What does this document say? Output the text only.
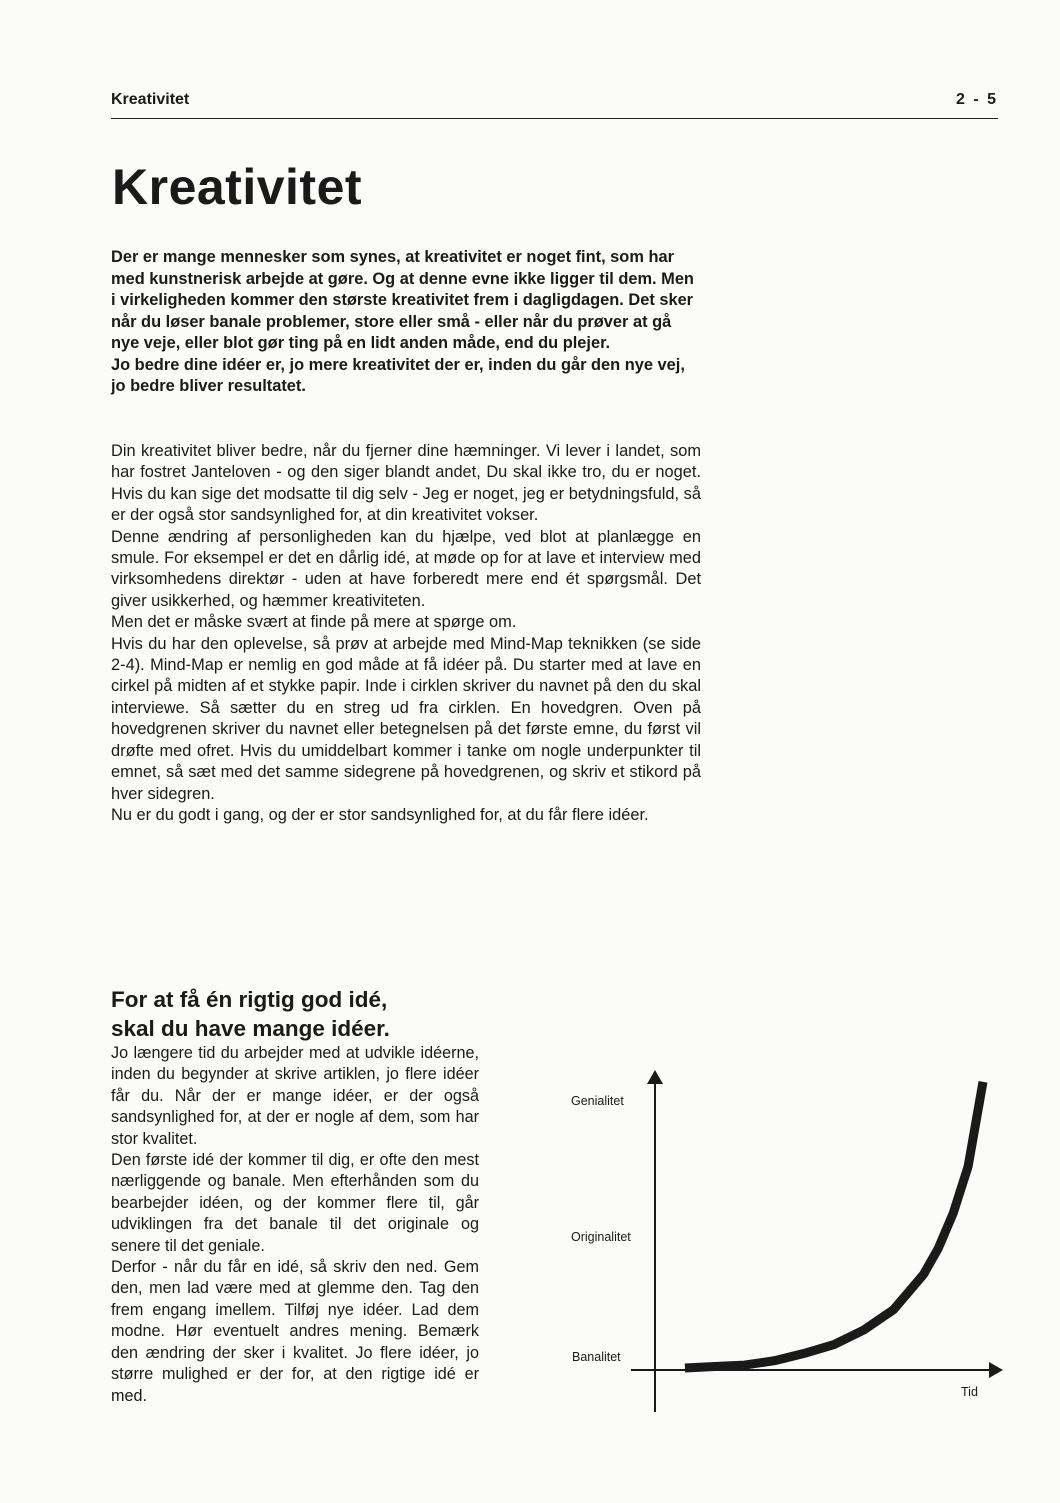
Kreativitet	2 - 5
Kreativitet

Der er mange mennesker som synes, at kreativitet er noget fint, som har med kunstnerisk arbejde at gøre. Og at denne evne ikke ligger til dem. Men i virkeligheden kommer den største kreativitet frem i dagligdagen. Det sker når du løser banale problemer, store eller små - eller når du prøver at gå nye veje, eller blot gør ting på en lidt anden måde, end du plejer.

Jo bedre dine idéer er, jo mere kreativitet der er, inden du går den nye vej, jo bedre bliver resultatet.

Din kreativitet bliver bedre, når du fjerner dine hæmninger. Vi lever i landet, som har fostret Janteloven - og den siger blandt andet, Du skal ikke tro, du er noget. Hvis du kan sige det modsatte til dig selv - Jeg er noget, jeg er betydningsfuld, så er der også stor sandsynlighed for, at din kreativitet vokser.

Denne ændring af personligheden kan du hjælpe, ved blot at planlægge en smule. For eksempel er det en dårlig idé, at møde op for at lave et interview med virksomhedens direktør - uden at have forberedt mere end ét spørgsmål. Det giver usikkerhed, og hæmmer kreativiteten.

Men det er måske svært at finde på mere at spørge om.

Hvis du har den oplevelse, så prøv at arbejde med Mind-Map teknikken (se side 2-4). Mind-Map er nemlig en god måde at få idéer på. Du starter med at lave en cirkel på midten af et stykke papir. Inde i cirklen skriver du navnet på den du skal interviewe. Så sætter du en streg ud fra cirklen. En hovedgren. Oven på hovedgrenen skriver du navnet eller betegnelsen på det første emne, du først vil drøfte med ofret. Hvis du umiddelbart kommer i tanke om nogle underpunkter til emnet, så sæt med det samme sidegrene på hovedgrenen, og skriv et stikord på hver sidegren.

Nu er du godt i gang, og der er stor sandsynlighed for, at du får flere idéer.

For at få én rigtig god idé,
skal du have mange idéer.

Jo længere tid du arbejder med at udvikle idéerne, inden du begynder at skrive artiklen, jo flere idéer får du. Når der er mange idéer, er der også sandsynlighed for, at der er nogle af dem, som har stor kvalitet.

Den første idé der kommer til dig, er ofte den mest nærliggende og banale. Men efterhånden som du bearbejder idéen, og der kommer flere til, går udviklingen fra det banale til det originale og senere til det geniale.

Derfor - når du får en idé, så skriv den ned. Gem den, men lad være med at glemme den. Tag den frem engang imellem. Tilføj nye idéer. Lad dem modne. Hør eventuelt andres mening. Bemærk den ændring der sker i kvalitet. Jo flere idéer, jo større mulighed er der for, at den rigtige idé er med.

Genialitet
Originalitet
Banalitet
Tid
